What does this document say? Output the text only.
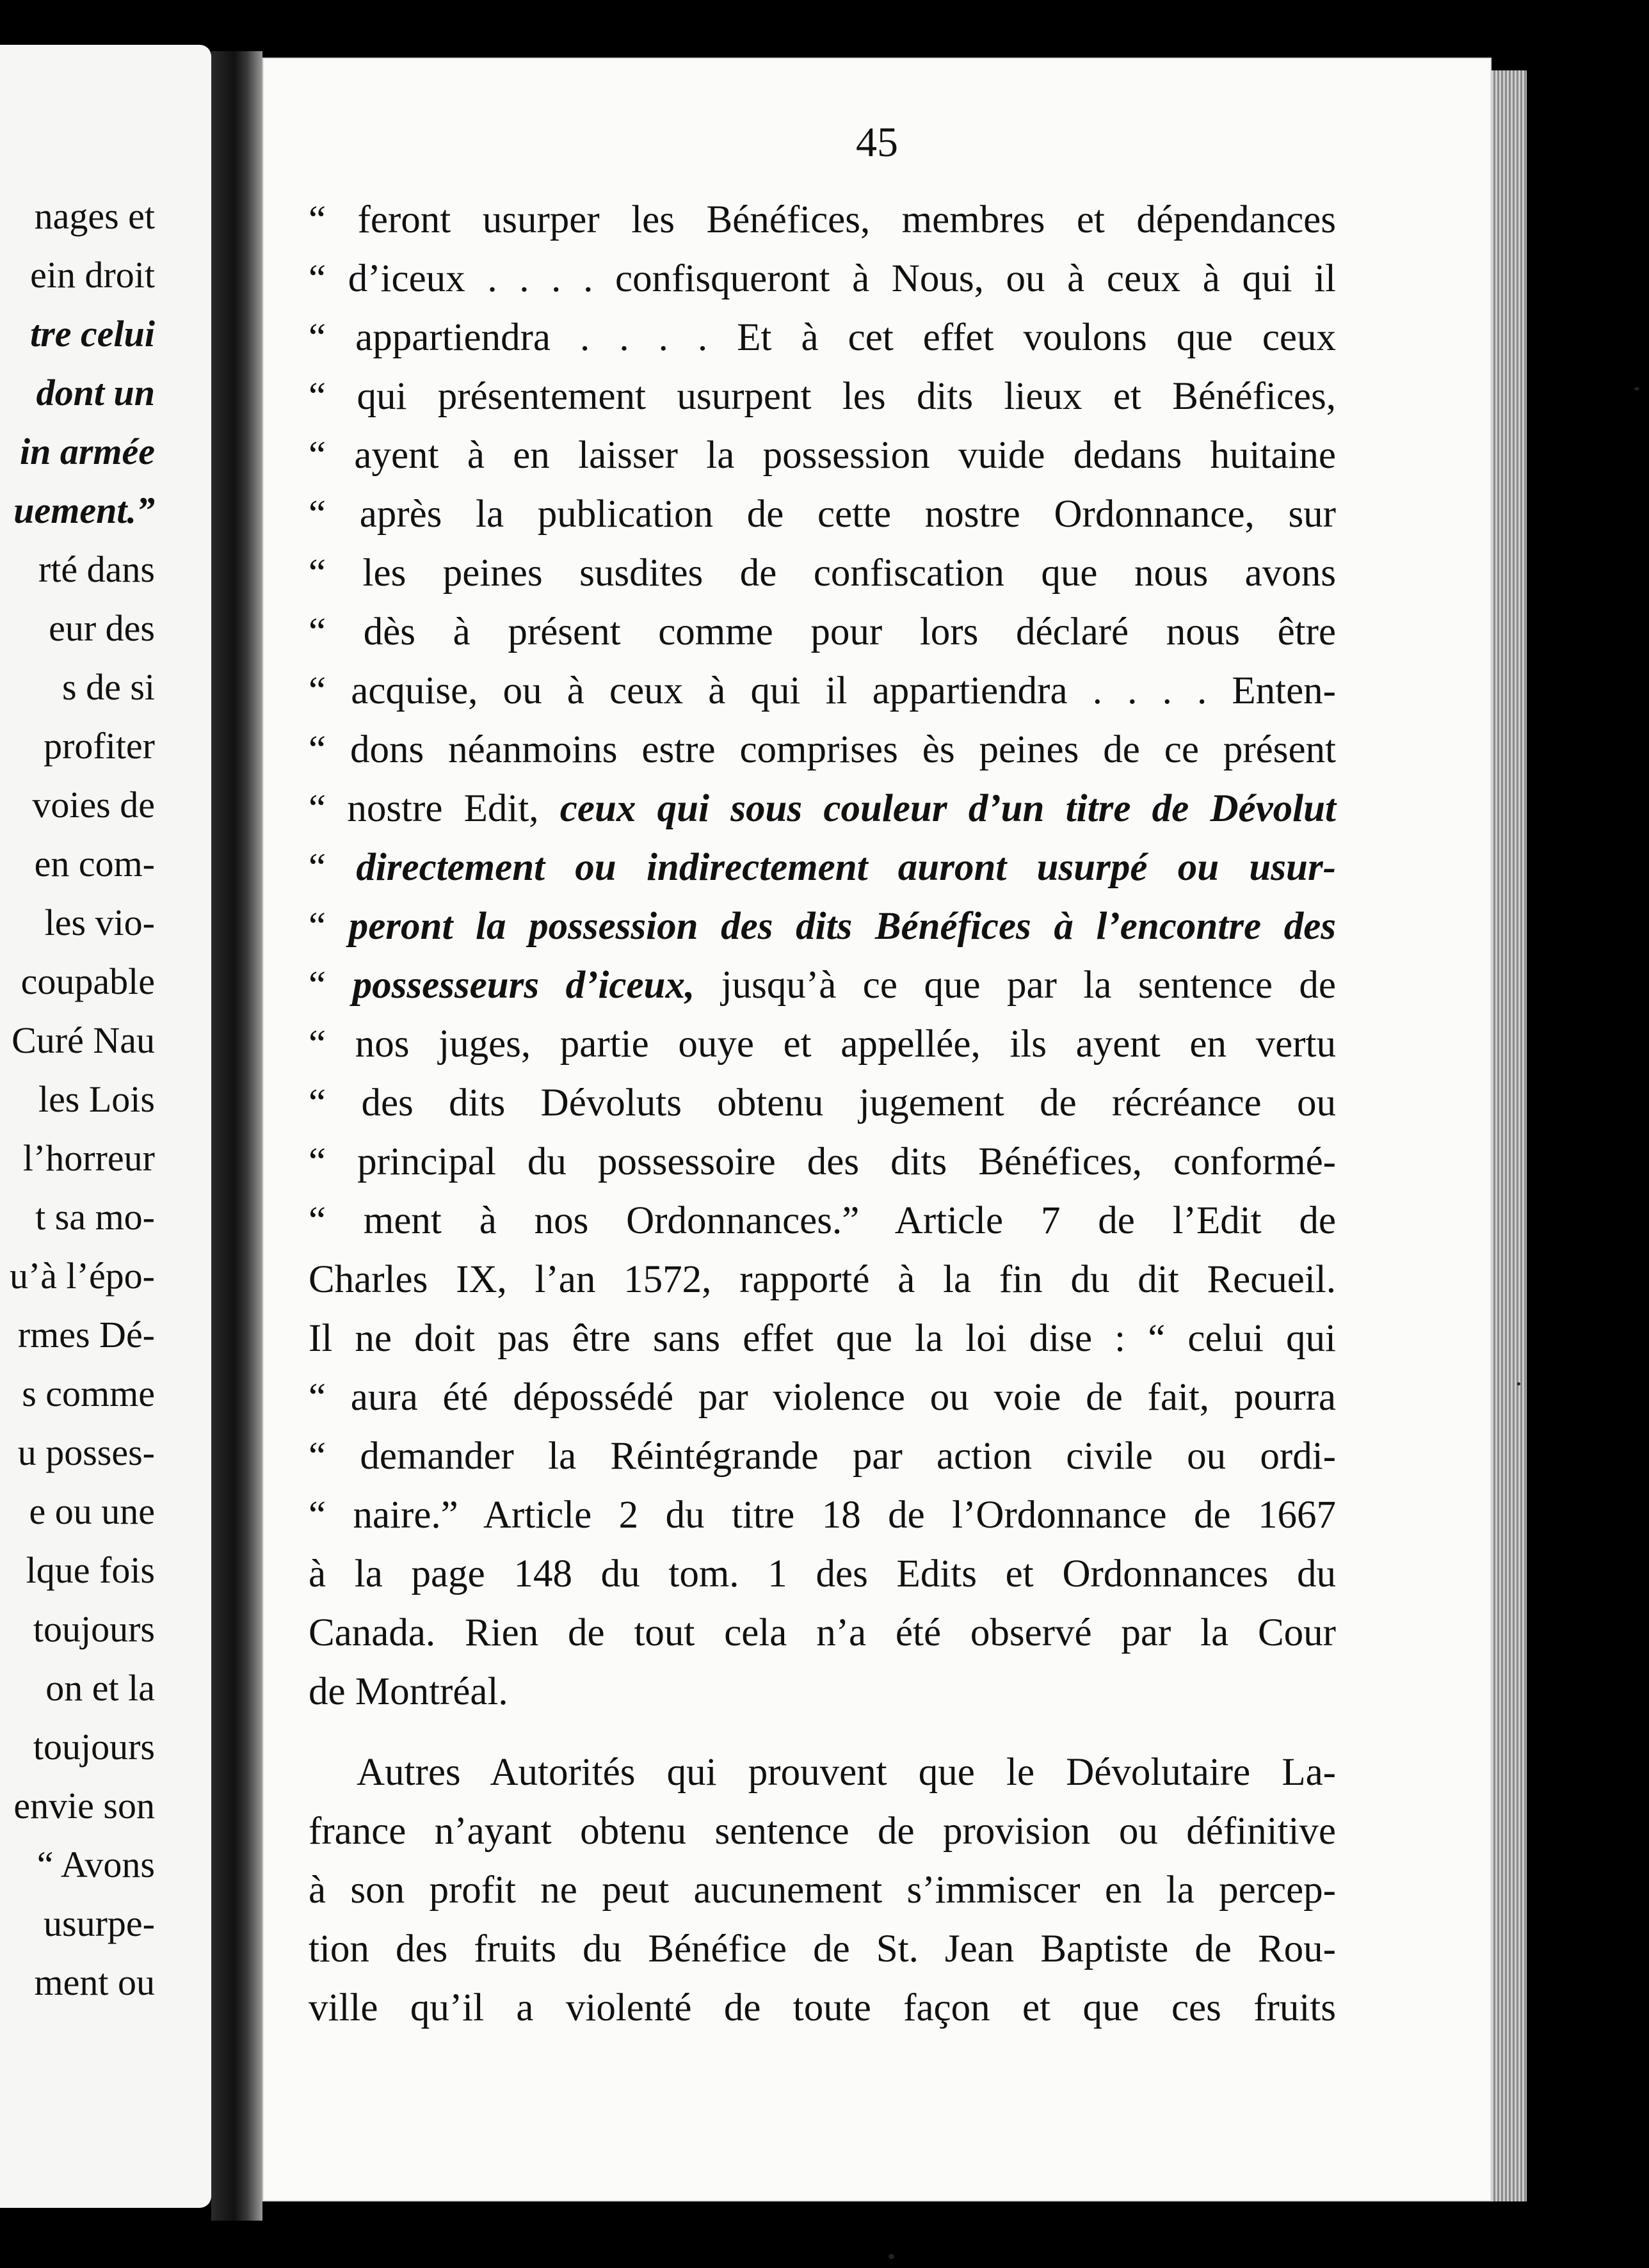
nages et
ein droit
tre celui
dont un
in armée
uement.”
rté dans
eur des
s de si
profiter
voies de
en com-
les vio-
coupable
Curé Nau
les Lois
l’horreur
t sa mo-
u’à l’épo-
rmes Dé-
s comme
u posses-
e ou une
lque fois
toujours
on et la
toujours
envie son
“ Avons
usurpe-
ment ou
45
“ feront usurper les Bénéfices, membres et dépendances
“ d’iceux . . . . confisqueront à Nous, ou à ceux à qui il
“ appartiendra . . . . Et à cet effet voulons que ceux
“ qui présentement usurpent les dits lieux et Bénéfices,
“ ayent à en laisser la possession vuide dedans huitaine
“ après la publication de cette nostre Ordonnance, sur
“ les peines susdites de confiscation que nous avons
“ dès à présent comme pour lors déclaré nous être
“ acquise, ou à ceux à qui il appartiendra . . . . Enten-
“ dons néanmoins estre comprises ès peines de ce présent
“ nostre Edit, ceux qui sous couleur d’un titre de Dévolut
“ directement ou indirectement auront usurpé ou usur-
“ peront la possession des dits Bénéfices à l’encontre des
“ possesseurs d’iceux, jusqu’à ce que par la sentence de
“ nos juges, partie ouye et appellée, ils ayent en vertu
“ des dits Dévoluts obtenu jugement de récréance ou
“ principal du possessoire des dits Bénéfices, conformé-
“ ment à nos Ordonnances.” Article 7 de l’Edit de
Charles IX, l’an 1572, rapporté à la fin du dit Recueil.
Il ne doit pas être sans effet que la loi dise : “ celui qui
“ aura été dépossédé par violence ou voie de fait, pourra
“ demander la Réintégrande par action civile ou ordi-
“ naire.” Article 2 du titre 18 de l’Ordonnance de 1667
à la page 148 du tom. 1 des Edits et Ordonnances du
Canada. Rien de tout cela n’a été observé par la Cour
de Montréal.
Autres Autorités qui prouvent que le Dévolutaire La-
france n’ayant obtenu sentence de provision ou définitive
à son profit ne peut aucunement s’immiscer en la percep-
tion des fruits du Bénéfice de St. Jean Baptiste de Rou-
ville qu’il a violenté de toute façon et que ces fruits
